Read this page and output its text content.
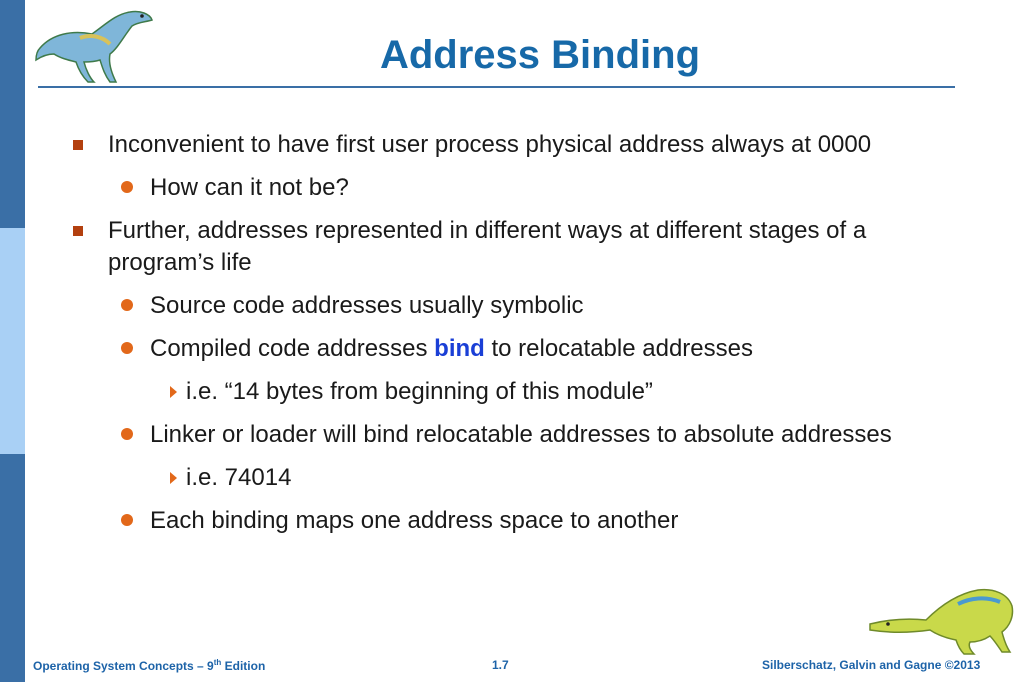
Address Binding
Inconvenient to have first user process physical address always at 0000
How can it not be?
Further, addresses represented in different ways at different stages of a
program’s life
Source code addresses usually symbolic
Compiled code addresses bind to relocatable addresses
i.e. “14 bytes from beginning of this module”
Linker or loader will bind relocatable addresses to absolute addresses
i.e. 74014
Each binding maps one address space to another
Operating System Concepts – 9th Edition	1.7	Silberschatz, Galvin and Gagne ©2013
